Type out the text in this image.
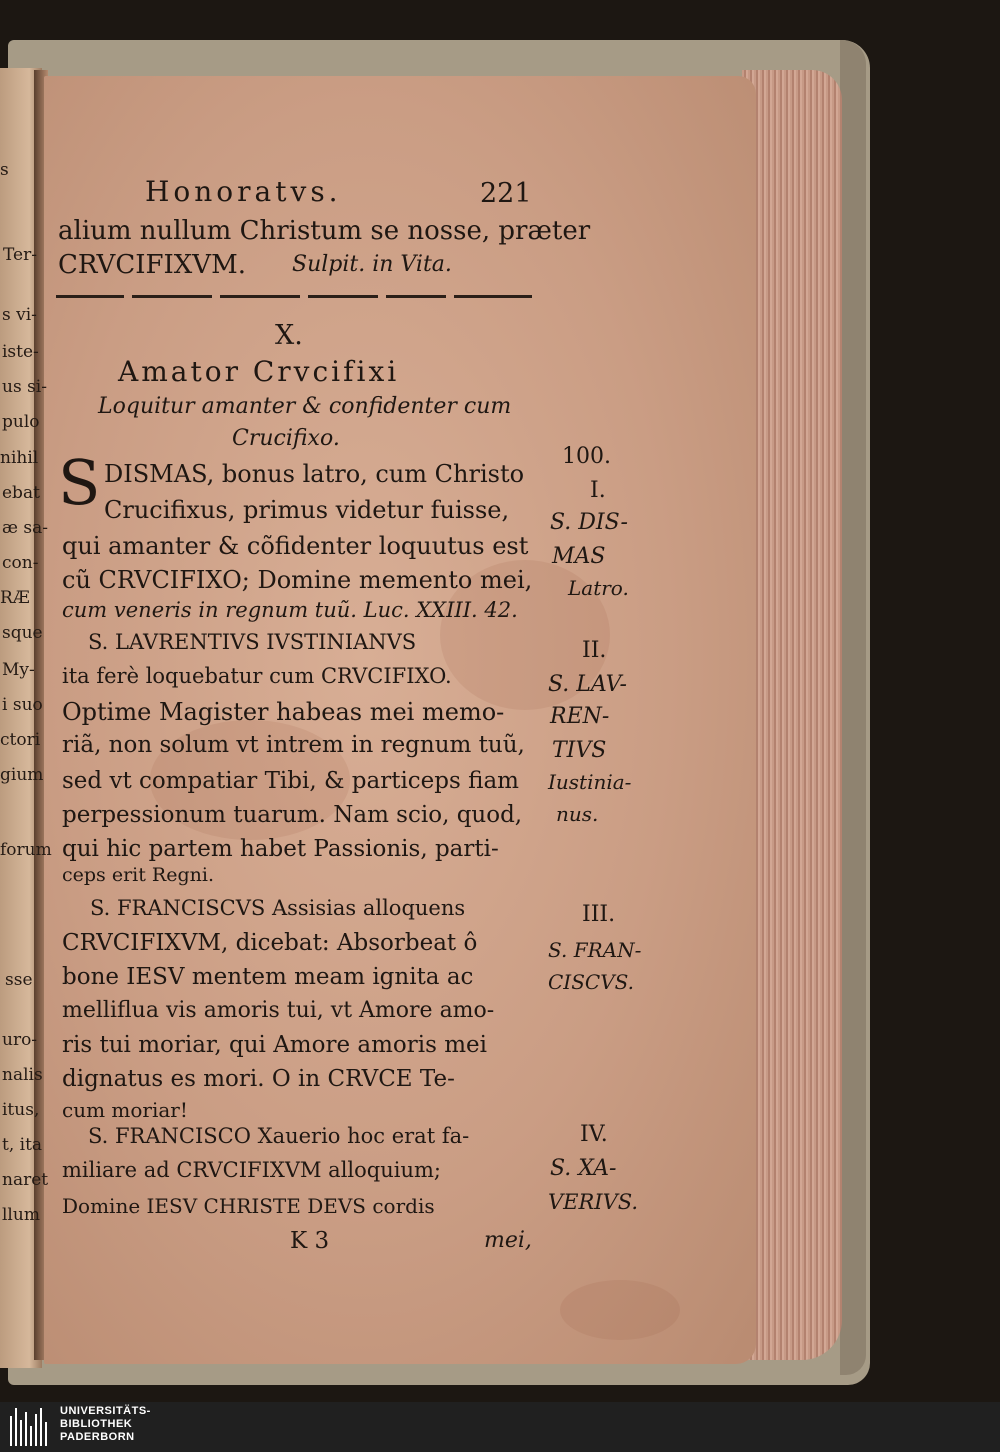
s
Ter-
s vi-
iste-
us si-
pulo
nihil
ebat
æ sa-
con-
RÆ
sque
My-
i suo
ctori
gium
forum
sse
uro-
nalis
itus,
t, ita
naret
llum
Honoratvs.	221
alium nullum Christum se nosse, præter
CRVCIFIXVM. Sulpit. in Vita.
X.
Amator Crvcifixi
Loquitur amanter & confidenter cum
Crucifixo.
S DISMAS, bonus latro, cum Christo
Crucifixus, primus videtur fuisse,
qui amanter & cõfidenter loquutus est
cũ CRVCIFIXO; Domine memento mei,
cum veneris in regnum tuũ. Luc. XXIII. 42.
S. LAVRENTIVS IVSTINIANVS
ita ferè loquebatur cum CRVCIFIXO.
Optime Magister habeas mei memo-
riã, non solum vt intrem in regnum tuũ,
sed vt compatiar Tibi, & particeps fiam
perpessionum tuarum. Nam scio, quod,
qui hic partem habet Passionis, parti-
ceps erit Regni.
S. FRANCISCVS Assisias alloquens
CRVCIFIXVM, dicebat: Absorbeat ô
bone IESV mentem meam ignita ac
melliflua vis amoris tui, vt Amore amo-
ris tui moriar, qui Amore amoris mei
dignatus es mori. O in CRVCE Te-
cum moriar!
S. FRANCISCO Xauerio hoc erat fa-
miliare ad CRVCIFIXVM alloquium;
Domine IESV CHRISTE DEVS cordis
K 3	mei,
100.
I.
S. DIS-
MAS
Latro.
II.
S. LAV-
REN-
TIVS
Iustinia-
nus.
III.
S. FRAN-
CISCVS.
IV.
S. XA-
VERIVS.
UNIVERSITÄTS-
BIBLIOTHEK
PADERBORN
